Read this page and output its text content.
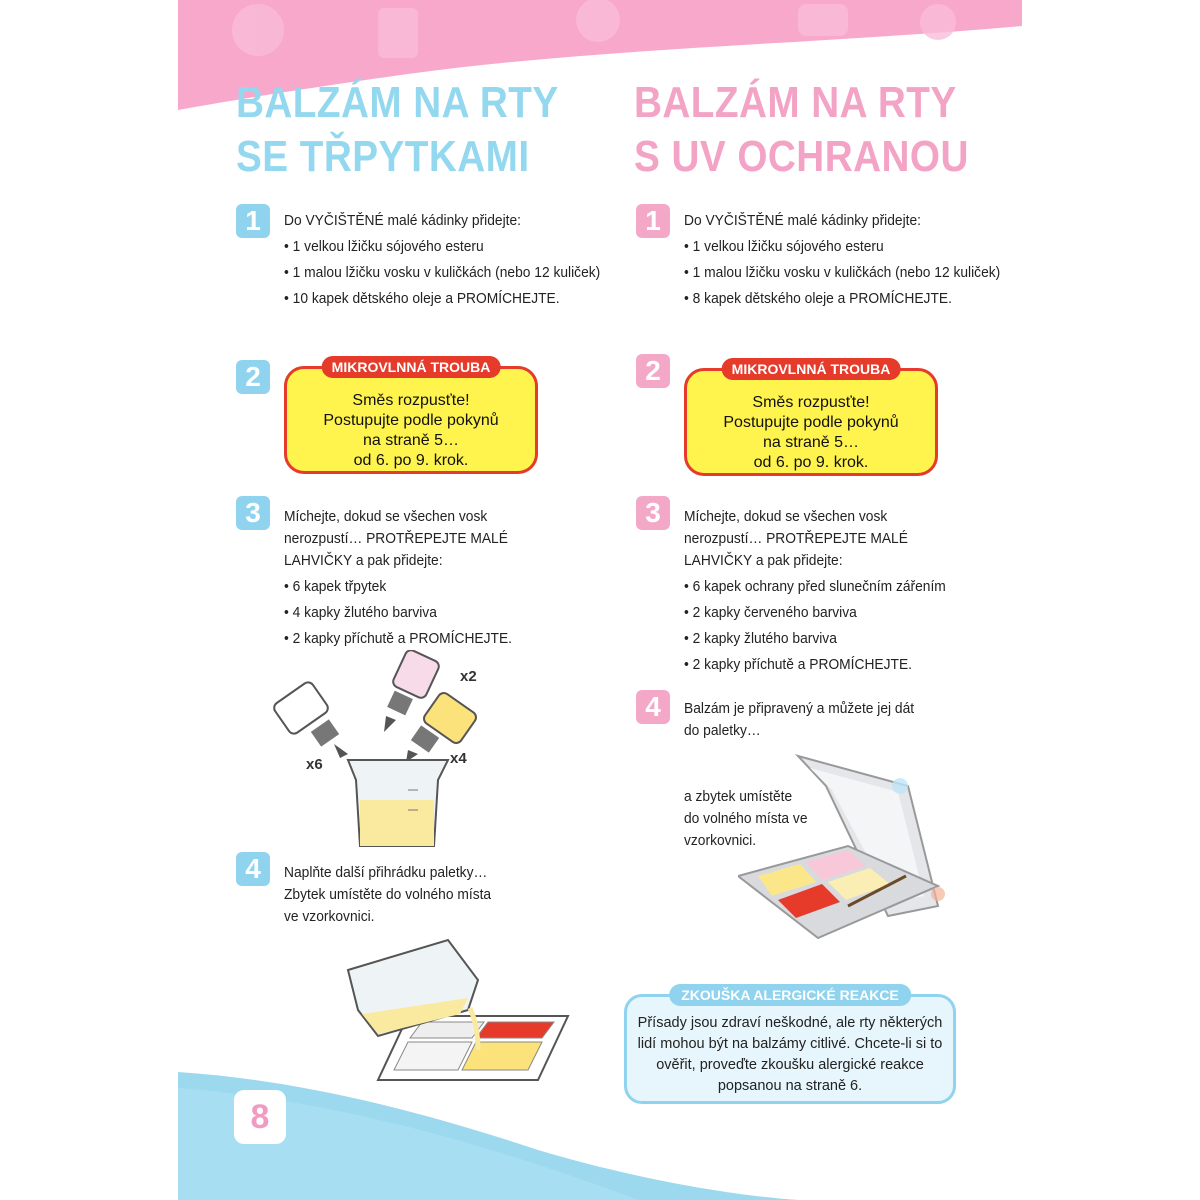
BALZÁM NA RTY
SE TŘPYTKAMI
BALZÁM NA RTY
S UV OCHRANOU
1	Do VYČIŠTĚNÉ malé kádinky přidejte:

• 1 velkou lžičku sójového esteru
• 1 malou lžičku vosku v kuličkách (nebo 12 kuliček)
• 10 kapek dětského oleje a PROMÍCHEJTE.
2	MIKROVLNNÁ TROUBA
Směs rozpusťte!
Postupujte podle pokynů
na straně 5…
od 6. po 9. krok.
3	Míchejte, dokud se všechen vosk

nerozpustí… PROTŘEPEJTE MALÉ

LAHVIČKY a pak přidejte:

• 6 kapek třpytek
• 4 kapky žlutého barviva
• 2 kapky příchutě a PROMÍCHEJTE.
x2
x6	x4
4	Naplňte další přihrádku paletky…

Zbytek umístěte do volného místa

ve vzorkovnici.

1	Do VYČIŠTĚNÉ malé kádinky přidejte:

• 1 velkou lžičku sójového esteru
• 1 malou lžičku vosku v kuličkách (nebo 12 kuliček)
• 8 kapek dětského oleje a PROMÍCHEJTE.
2	MIKROVLNNÁ TROUBA
Směs rozpusťte!
Postupujte podle pokynů
na straně 5…
od 6. po 9. krok.
3	Míchejte, dokud se všechen vosk

nerozpustí… PROTŘEPEJTE MALÉ

LAHVIČKY a pak přidejte:

• 6 kapek ochrany před slunečním zářením
• 2 kapky červeného barviva
• 2 kapky žlutého barviva
• 2 kapky příchutě a PROMÍCHEJTE.
4	Balzám je připravený a můžete jej dát

do paletky…

a zbytek umístěte

do volného místa ve

vzorkovnici.

ZKOUŠKA ALERGICKÉ REAKCE
Přísady jsou zdraví neškodné, ale rty některých
lidí mohou být na balzámy citlivé. Chcete-li si to
ověřit, proveďte zkoušku alergické reakce
popsanou na straně 6.
8
